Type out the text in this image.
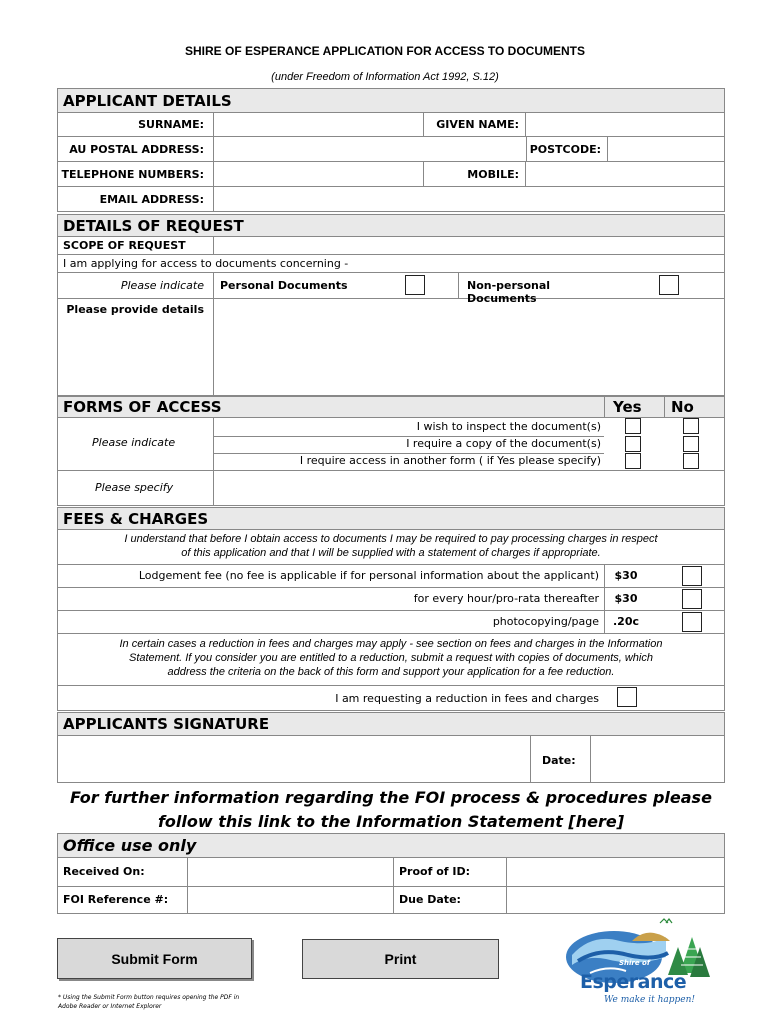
SHIRE OF ESPERANCE APPLICATION FOR ACCESS TO DOCUMENTS
(under Freedom of Information Act 1992, S.12)
APPLICANT DETAILS
SURNAME:	GIVEN NAME:
AU POSTAL ADDRESS:	POSTCODE:
TELEPHONE NUMBERS:	MOBILE:
EMAIL ADDRESS:
DETAILS OF REQUEST
SCOPE OF REQUEST
I am applying for access to documents concerning -
Please indicate Personal Documents	Non-personal Documents
Please provide details
FORMS OF ACCESS	Yes No
Please indicate
I wish to inspect the document(s)
I require a copy of the document(s)
I require access in another form ( if Yes please specify)
Please specify
FEES & CHARGES
I understand that before I obtain access to documents I may be required to pay processing charges in respect
of this application and that I will be supplied with a statement of charges if appropriate.
Lodgement fee (no fee is applicable if for personal information about the applicant)	$30
for every hour/pro-rata thereafter	$30
photocopying/page	.20c
In certain cases a reduction in fees and charges may apply - see section on fees and charges in the Information
Statement. If you consider you are entitled to a reduction, submit a request with copies of documents, which
address the criteria on the back of this form and support your application for a fee reduction.
I am requesting a reduction in fees and charges
APPLICANTS SIGNATURE
Date:
For further information regarding the FOI process & procedures please
follow this link to the Information Statement [here]
Office use only
Received On:	Proof of ID:
FOI Reference #:	Due Date:
Submit Form	Print
* Using the Submit Form button requires opening the PDF in
Adobe Reader or Internet Explorer
Shire of
Esperance
We make it happen!
